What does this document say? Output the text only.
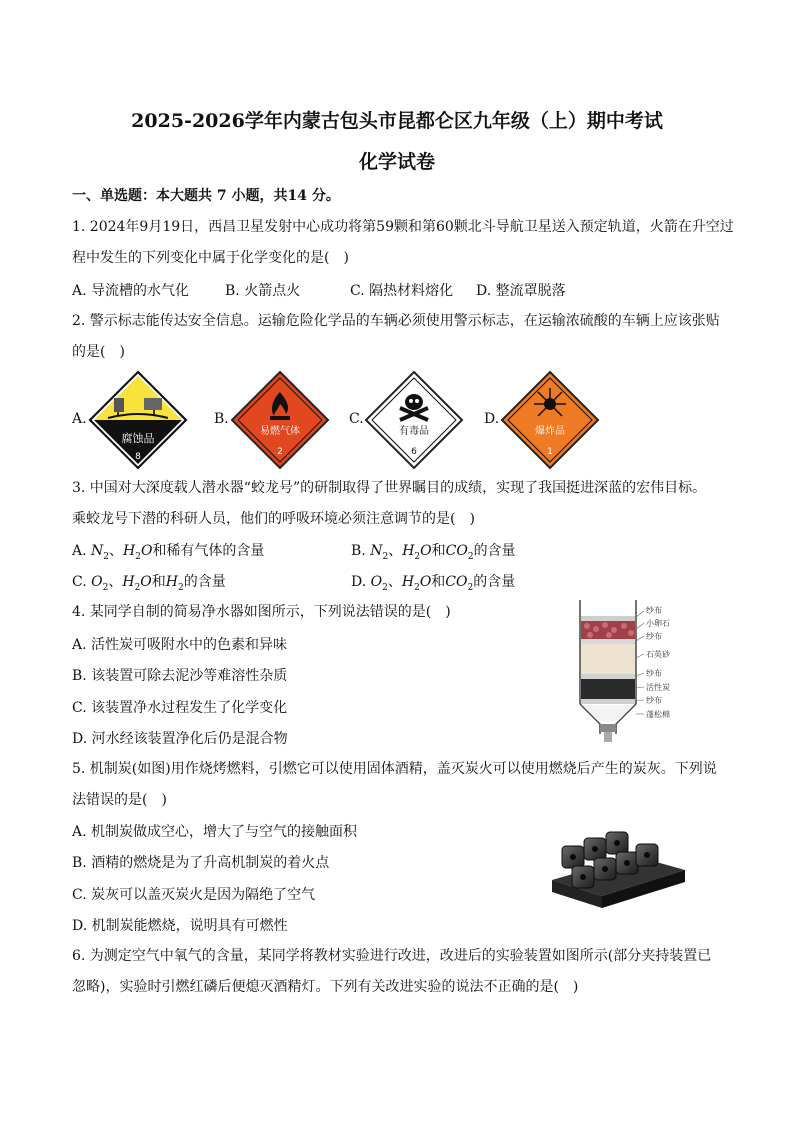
2025-2026学年内蒙古包头市昆都仑区九年级（上）期中考试
化学试卷
一、单选题：本大题共 7 小题，共14 分。
1. 2024年9月19日，西昌卫星发射中心成功将第59颗和第60颗北斗导航卫星送入预定轨道，火箭在升空过
程中发生的下列变化中属于化学变化的是(　)
A. 导流槽的水气化	B. 火箭点火	C. 隔热材料熔化 D. 整流罩脱落
2. 警示标志能传达安全信息。运输危险化学品的车辆必须使用警示标志，在运输浓硫酸的车辆上应该张贴
的是(　)
A.
腐蚀品
8
B.
易燃气体
2
C.
有毒品
6
D.
爆炸品
1
3. 中国对大深度载人潜水器“蛟龙号”的研制取得了世界瞩目的成绩，实现了我国挺进深蓝的宏伟目标。
乘蛟龙号下潜的科研人员，他们的呼吸环境必须注意调节的是(　)
A. $N_2$、$H_2O$和稀有气体的含量	B. $N_2$、$H_2O$和$CO_2$的含量
C. $O_2$、$H_2O$和$H_2$的含量	D. $O_2$、$H_2O$和$CO_2$的含量
4. 某同学自制的简易净水器如图所示，下列说法错误的是(　)
A. 活性炭可吸附水中的色素和异味
B. 该装置可除去泥沙等难溶性杂质
C. 该装置净水过程发生了化学变化
D. 河水经该装置净化后仍是混合物
纱布
小卵石
纱布
石英砂
纱布
活性炭
纱布
蓬松棉
5. 机制炭(如图)用作烧烤燃料，引燃它可以使用固体酒精，盖灭炭火可以使用燃烧后产生的炭灰。下列说
法错误的是(　)
A. 机制炭做成空心，增大了与空气的接触面积
B. 酒精的燃烧是为了升高机制炭的着火点
C. 炭灰可以盖灭炭火是因为隔绝了空气
D. 机制炭能燃烧，说明具有可燃性
6. 为测定空气中氧气的含量，某同学将教材实验进行改进，改进后的实验装置如图所示(部分夹持装置已
忽略)，实验时引燃红磷后便熄灭酒精灯。下列有关改进实验的说法不正确的是(　)
